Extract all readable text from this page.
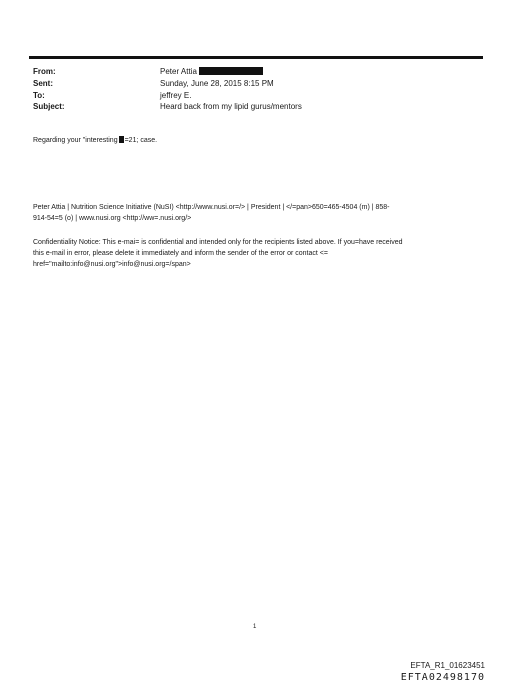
From:	Peter Attia
Sent:	Sunday, June 28, 2015 8:15 PM
To:	jeffrey E.
Subject:	Heard back from my lipid gurus/mentors
Regarding your "interesting =21; case.
Peter Attia | Nutrition Science Initiative (NuSI) <http://www.nusi.or=/> | President | </=pan>650=465-4504 (m) | 858-
914-54=5 (o) | www.nusi.org <http://ww=.nusi.org/>
Confidentiality Notice: This e-mai= is confidential and intended only for the recipients listed above. If you=have received
this e-mail in error, please delete it immediately and inform the sender of the error or contact <=
href="mailto:info@nusi.org">info@nusi.org=/span>
1
EFTA_R1_01623451
EFTA02498170
